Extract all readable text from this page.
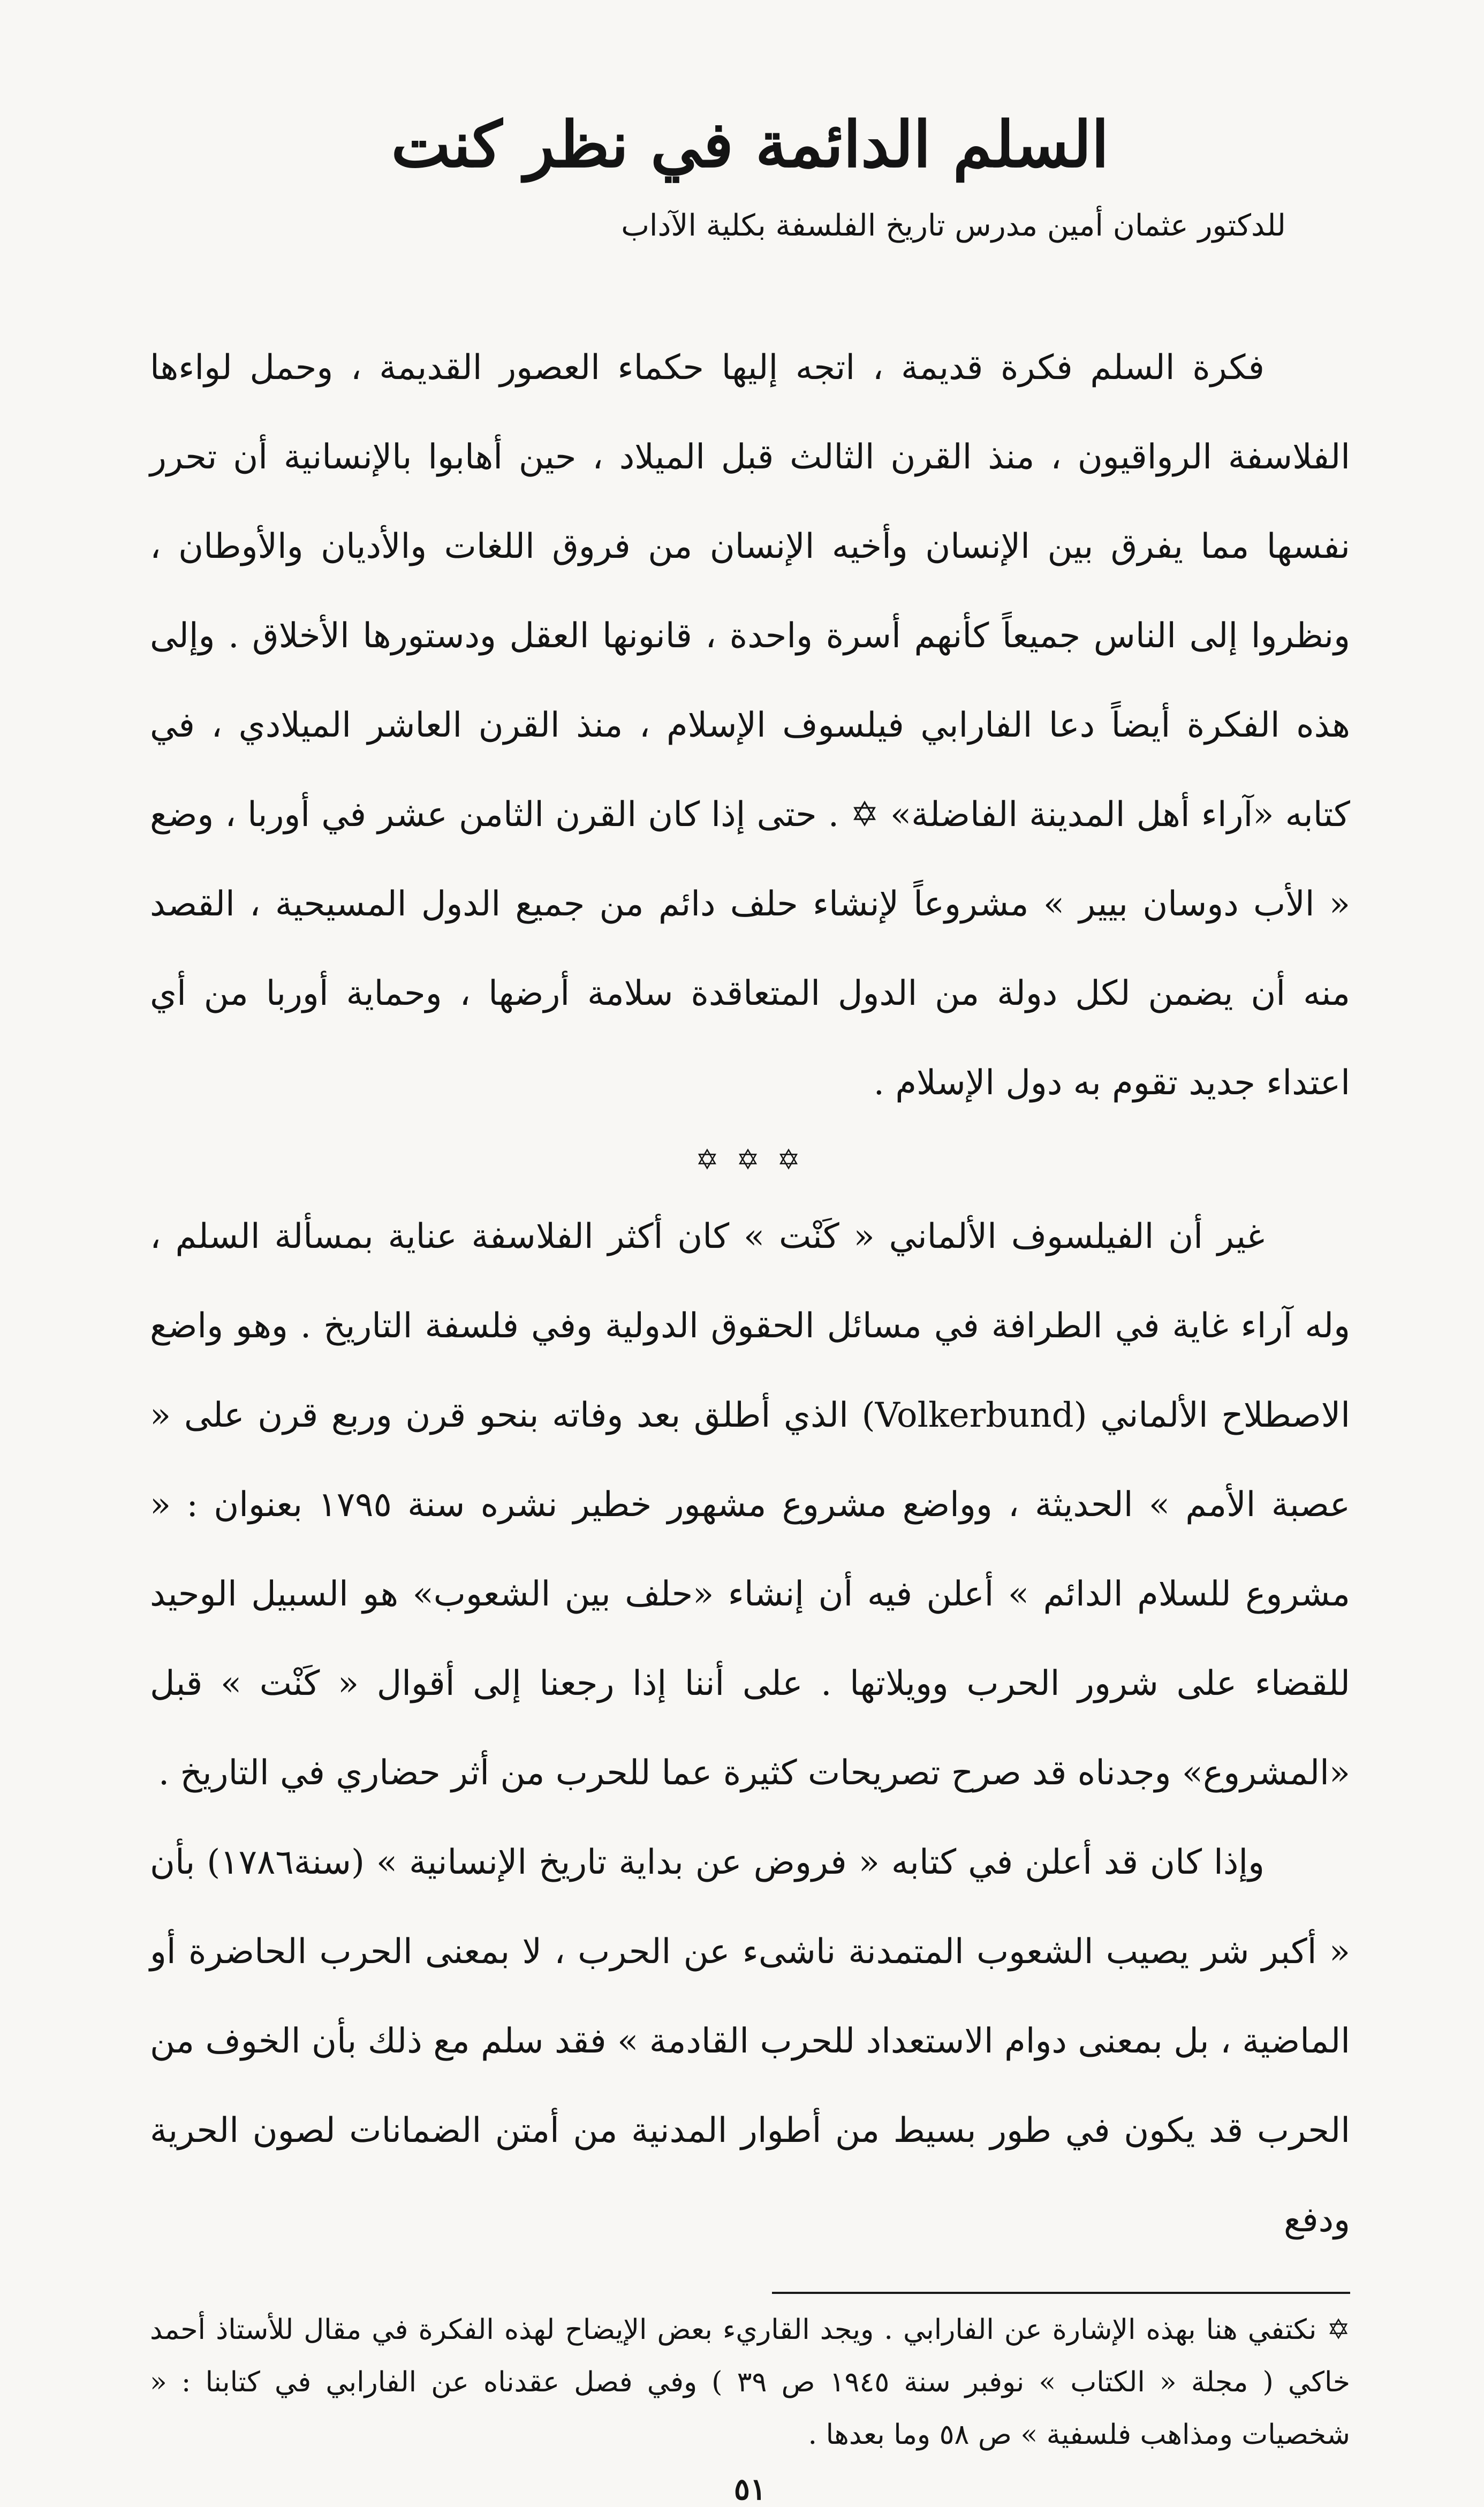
السلم الدائمة في نظر كنت

للدكتور عثمان أمين مدرس تاريخ الفلسفة بكلية الآداب

فكرة السلم فكرة قديمة ، اتجه إليها حكماء العصور القديمة ، وحمل لواءها الفلاسفة الرواقيون ، منذ القرن الثالث قبل الميلاد ، حين أهابوا بالإنسانية أن تحرر نفسها مما يفرق بين الإنسان وأخيه الإنسان من فروق اللغات والأديان والأوطان ، ونظروا إلى الناس جميعاً كأنهم أسرة واحدة ، قانونها العقل ودستورها الأخلاق . وإلى هذه الفكرة أيضاً دعا الفارابي فيلسوف الإسلام ، منذ القرن العاشر الميلادي ، في كتابه «آراء أهل المدينة الفاضلة» ✡ . حتى إذا كان القرن الثامن عشر في أوربا ، وضع « الأب دوسان بيير » مشروعاً لإنشاء حلف دائم من جميع الدول المسيحية ، القصد منه أن يضمن لكل دولة من الدول المتعاقدة سلامة أرضها ، وحماية أوربا من أي اعتداء جديد تقوم به دول الإسلام .

✡ ✡ ✡

غير أن الفيلسوف الألماني « كَنْت » كان أكثر الفلاسفة عناية بمسألة السلم ، وله آراء غاية في الطرافة في مسائل الحقوق الدولية وفي فلسفة التاريخ . وهو واضع الاصطلاح الألماني (Volkerbund) الذي أطلق بعد وفاته بنحو قرن وربع قرن على « عصبة الأمم » الحديثة ، وواضع مشروع مشهور خطير نشره سنة ١٧٩٥ بعنوان : « مشروع للسلام الدائم » أعلن فيه أن إنشاء «حلف بين الشعوب» هو السبيل الوحيد للقضاء على شرور الحرب وويلاتها . على أننا إذا رجعنا إلى أقوال « كَنْت » قبل «المشروع» وجدناه قد صرح تصريحات كثيرة عما للحرب من أثر حضاري في التاريخ .

وإذا كان قد أعلن في كتابه « فروض عن بداية تاريخ الإنسانية » (سنة١٧٨٦) بأن « أكبر شر يصيب الشعوب المتمدنة ناشىء عن الحرب ، لا بمعنى الحرب الحاضرة أو الماضية ، بل بمعنى دوام الاستعداد للحرب القادمة » فقد سلم مع ذلك بأن الخوف من الحرب قد يكون في طور بسيط من أطوار المدنية من أمتن الضمانات لصون الحرية ودفع

✡ نكتفي هنا بهذه الإشارة عن الفارابي . ويجد القاريء بعض الإيضاح لهذه الفكرة في مقال للأستاذ أحمد خاكي ( مجلة « الكتاب » نوفبر سنة ١٩٤٥ ص ٣٩ ) وفي فصل عقدناه عن الفارابي في كتابنا : « شخصيات ومذاهب فلسفية » ص ٥٨ وما بعدها .

٥١
